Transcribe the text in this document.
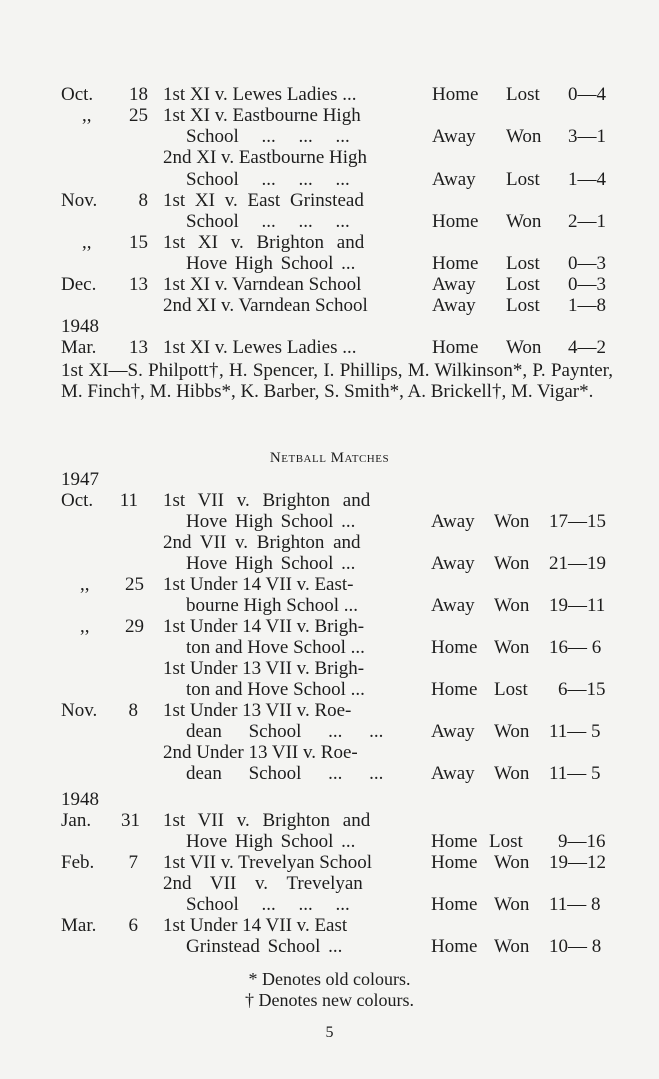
Oct.	18 1st XI v. Lewes Ladies ...	Home Lost 0—4
,,	25 1st XI v. Eastbourne High
School ... ... ...	Away Won 3—1
2nd XI v. Eastbourne High
School ... ... ...	Away Lost 1—4
Nov.	8 1st XI v. East Grinstead
School ... ... ...	Home Won 2—1
,,	15 1st XI v. Brighton and
Hove High School ...	Home Lost 0—3
Dec.	13 1st XI v. Varndean School	Away Lost 0—3
2nd XI v. Varndean School	Away Lost 1—8
1948
Mar.	13 1st XI v. Lewes Ladies ...	Home Won 4—2
1st XI—S. Philpott†, H. Spencer, I. Phillips, M. Wilkinson*, P. Paynter, M. Finch†, M. Hibbs*, K. Barber, S. Smith*, A. Brickell†, M. Vigar*.
Netball Matches
1947
Oct.	11 1st VII v. Brighton and
Hove High School ...	Away Won 17—15
2nd VII v. Brighton and
Hove High School ...	Away Won 21—19
,,	25 1st Under 14 VII v. East-
bourne High School ...	Away Won 19—11
,,	29 1st Under 14 VII v. Brigh-
ton and Hove School ...	Home Won 16— 6
1st Under 13 VII v. Brigh-
ton and Hove School ...	Home Lost 6—15
Nov.	8 1st Under 13 VII v. Roe-
dean School ... ...	Away Won 11— 5
2nd Under 13 VII v. Roe-
dean School ... ...	Away Won 11— 5
1948
Jan.	31 1st VII v. Brighton and
Hove High School ...	Home Lost 9—16
Feb.	7 1st VII v. Trevelyan School	Home Won 19—12
2nd VII v. Trevelyan
School ... ... ...	Home Won 11— 8
Mar.	6 1st Under 14 VII v. East
Grinstead School ...	Home Won 10— 8
* Denotes old colours.
† Denotes new colours.
5
